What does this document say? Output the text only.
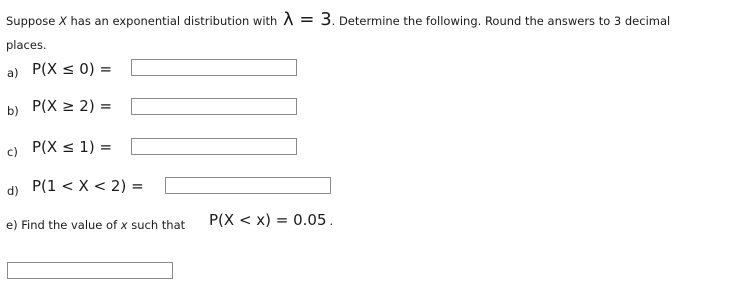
Suppose X has an exponential distribution with λ = 3. Determine the following. Round the answers to 3 decimal
places.
a) P(X ≤ 0) =
b) P(X ≥ 2) =
c) P(X ≤ 1) =
d) P(1 < X < 2) =
e) Find the value of x such that P(X < x) = 0.05 .
